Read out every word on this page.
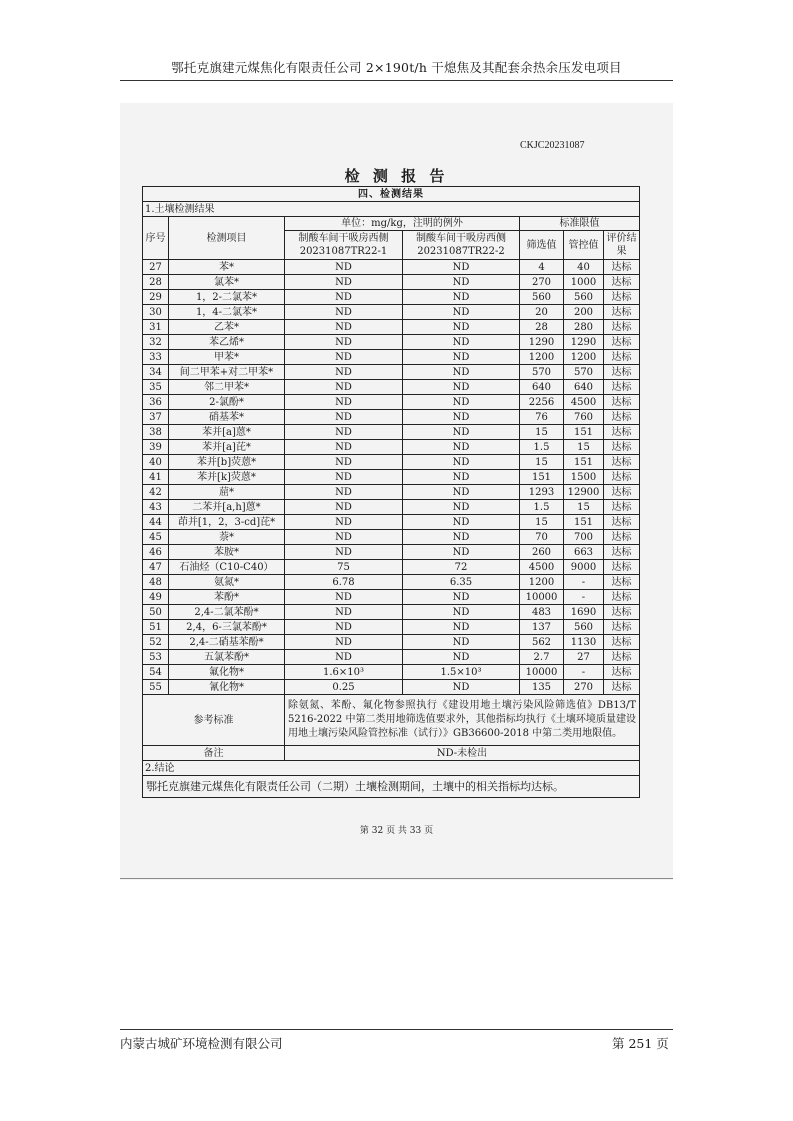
鄂托克旗建元煤焦化有限责任公司 2×190t/h 干熄焦及其配套余热余压发电项目
CKJC20231087
检 测 报 告
四、检测结果						
1.土壤检测结果						
序号	检测项目	单位：mg/kg，注明的例外		标准限值		
		制酸车间干吸房西侧 20231087TR22-1	制酸车间干吸房西侧 20231087TR22-2	筛选值	管控值	评价结果
27	苯*	ND	ND	4	40	达标
28	氯苯*	ND	ND	270	1000	达标
29	1，2-二氯苯*	ND	ND	560	560	达标
30	1，4-二氯苯*	ND	ND	20	200	达标
31	乙苯*	ND	ND	28	280	达标
32	苯乙烯*	ND	ND	1290	1290	达标
33	甲苯*	ND	ND	1200	1200	达标
34	间二甲苯+对二甲苯*	ND	ND	570	570	达标
35	邻二甲苯*	ND	ND	640	640	达标
36	2-氯酚*	ND	ND	2256	4500	达标
37	硝基苯*	ND	ND	76	760	达标
38	苯并[a]蒽*	ND	ND	15	151	达标
39	苯并[a]芘*	ND	ND	1.5	15	达标
40	苯并[b]荧蒽*	ND	ND	15	151	达标
41	苯并[k]荧蒽*	ND	ND	151	1500	达标
42	䓛*	ND	ND	1293	12900	达标
43	二苯并[a,h]蒽*	ND	ND	1.5	15	达标
44	茚并[1，2，3-cd]芘*	ND	ND	15	151	达标
45	萘*	ND	ND	70	700	达标
46	苯胺*	ND	ND	260	663	达标
47	石油烃（C10-C40）	75	72	4500	9000	达标
48	氨氮*	6.78	6.35	1200	-	达标
49	苯酚*	ND	ND	10000	-	达标
50	2,4-二氯苯酚*	ND	ND	483	1690	达标
51	2,4，6-三氯苯酚*	ND	ND	137	560	达标
52	2,4-二硝基苯酚*	ND	ND	562	1130	达标
53	五氯苯酚*	ND	ND	2.7	27	达标
54	氟化物*	1.6×10³	1.5×10³	10000	-	达标
55	氰化物*	0.25	ND	135	270	达标
参考标准		除氨氮、苯酚、氟化物参照执行《建设用地土壤污染风险筛选值》DB13/T 5216-2022 中第二类用地筛选值要求外，其他指标均执行《土壤环境质量建设用地土壤污染风险管控标准（试行）》GB36600-2018 中第二类用地限值。				
备注		ND-未检出				
2.结论						
鄂托克旗建元煤焦化有限责任公司（二期）土壤检测期间，土壤中的相关指标均达标。						
第 32 页 共 33 页
内蒙古城矿环境检测有限公司	第 251 页
